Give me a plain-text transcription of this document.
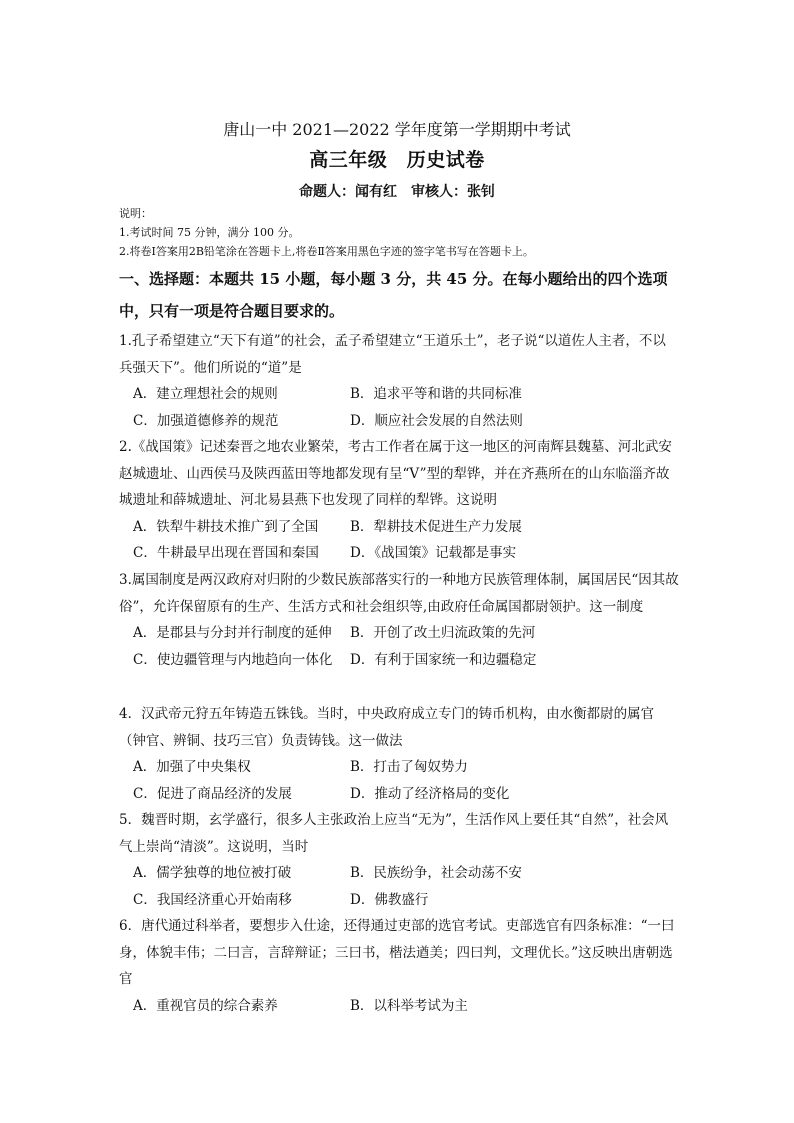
唐山一中 2021—2022 学年度第一学期期中考试
高三年级　历史试卷
命题人：闻有红　审核人：张钊
说明：
1.考试时间 75 分钟，满分 100 分。
2.将卷Ⅰ答案用2B铅笔涂在答题卡上,将卷Ⅱ答案用黑色字迹的签字笔书写在答题卡上。
一、选择题：本题共 15 小题，每小题 3 分，共 45 分。在每小题给出的四个选项中，只有一项是符合题目要求的。

1.孔子希望建立“天下有道”的社会，孟子希望建立“王道乐土”，老子说“以道佐人主者，不以兵强天下”。他们所说的“道”是

A．建立理想社会的规则	B．追求平等和谐的共同标准
C．加强道德修养的规范	D．顺应社会发展的自然法则

2.《战国策》记述秦晋之地农业繁荣，考古工作者在属于这一地区的河南辉县魏墓、河北武安赵城遗址、山西侯马及陕西蓝田等地都发现有呈“V”型的犁铧，并在齐燕所在的山东临淄齐故城遗址和薛城遗址、河北易县燕下也发现了同样的犁铧。这说明

A．铁犁牛耕技术推广到了全国	B．犁耕技术促进生产力发展
C．牛耕最早出现在晋国和秦国	D．《战国策》记载都是事实

3.属国制度是两汉政府对归附的少数民族部落实行的一种地方民族管理体制，属国居民“因其故俗”，允许保留原有的生产、生活方式和社会组织等,由政府任命属国都尉领护。这一制度

A．是郡县与分封并行制度的延伸	B．开创了改土归流政策的先河
C．使边疆管理与内地趋向一体化	D．有利于国家统一和边疆稳定

4．汉武帝元狩五年铸造五铢钱。当时，中央政府成立专门的铸币机构，由水衡都尉的属官（钟官、辨铜、技巧三官）负责铸钱。这一做法

A．加强了中央集权	B．打击了匈奴势力
C．促进了商品经济的发展	D．推动了经济格局的变化

5．魏晋时期，玄学盛行，很多人主张政治上应当“无为”，生活作风上要任其“自然”，社会风气上崇尚“清淡”。这说明，当时

A．儒学独尊的地位被打破	B．民族纷争，社会动荡不安
C．我国经济重心开始南移	D．佛教盛行

6．唐代通过科举者，要想步入仕途，还得通过吏部的选官考试。吏部选官有四条标准：“一曰身，体貌丰伟；二曰言，言辞辩证；三曰书，楷法遒美；四曰判，文理优长。”这反映出唐朝选官

A．重视官员的综合素养	B．以科举考试为主
